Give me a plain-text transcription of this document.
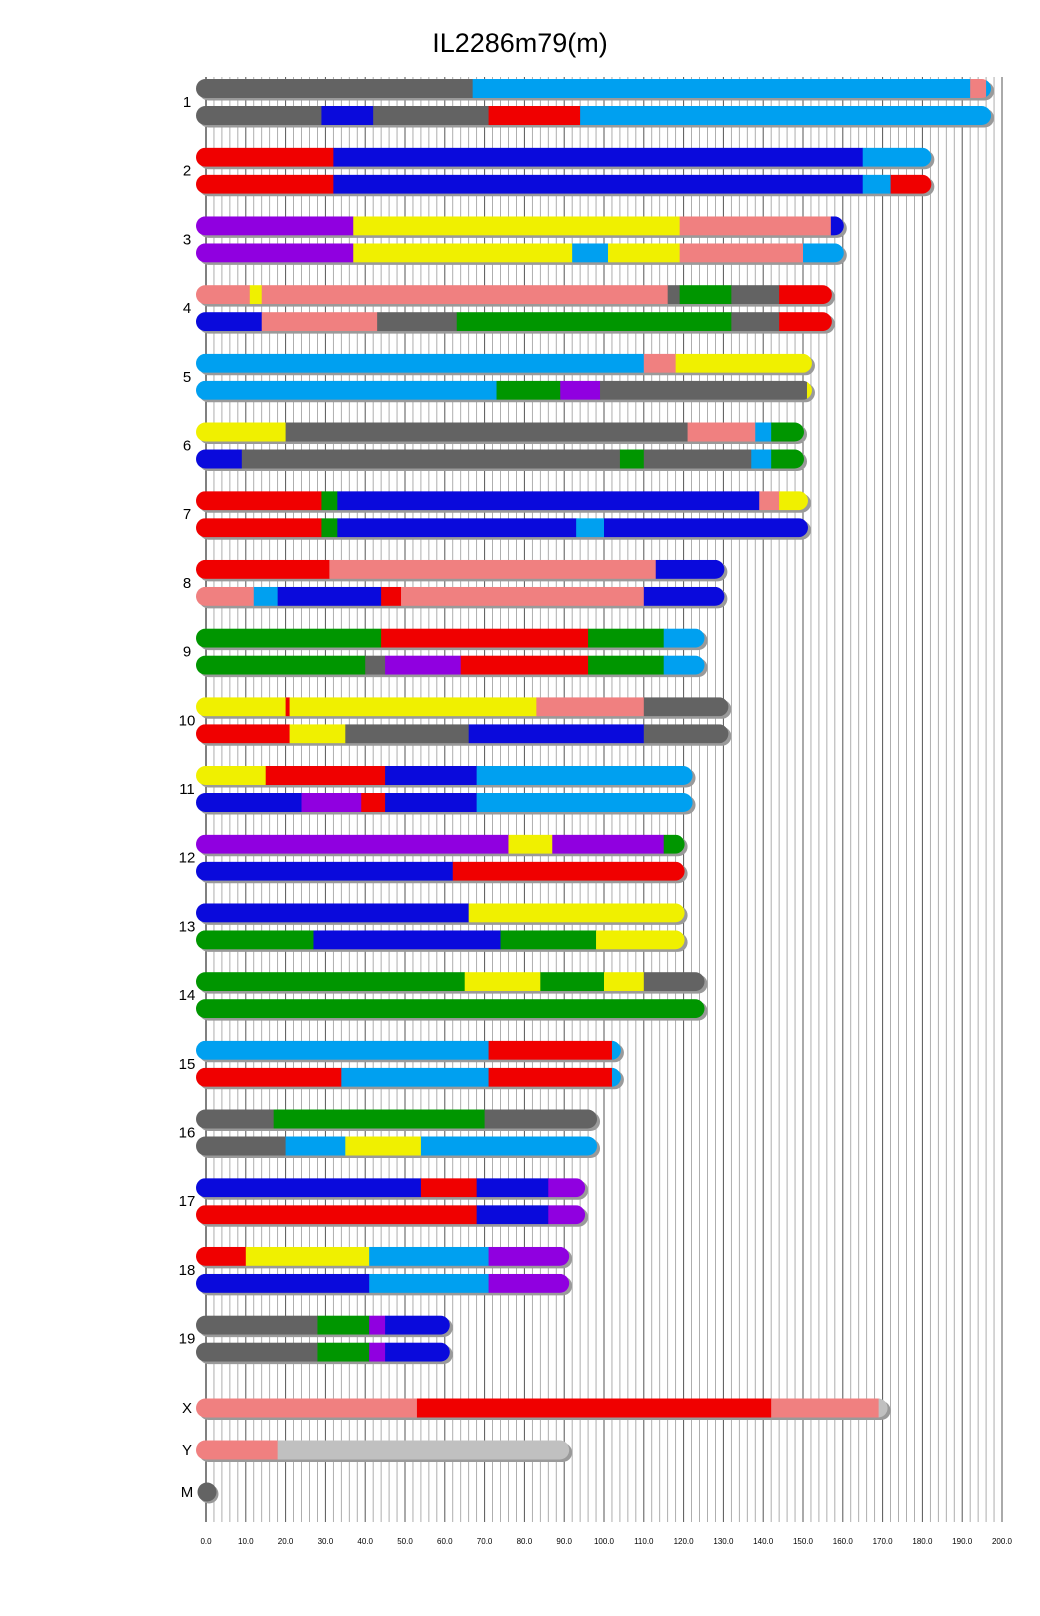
IL2286m79(m)
0.0	10.0	20.0	30.0	40.0	50.0	60.0	70.0	80.0	90.0	100.0	110.0	120.0 130.0 140.0 150.0 160.0 170.0 180.0 190.0 200.0
1
2
3
4
5
6
7
8
9
10
11
12
13
14
15
16
17
18
19
X
Y
M
